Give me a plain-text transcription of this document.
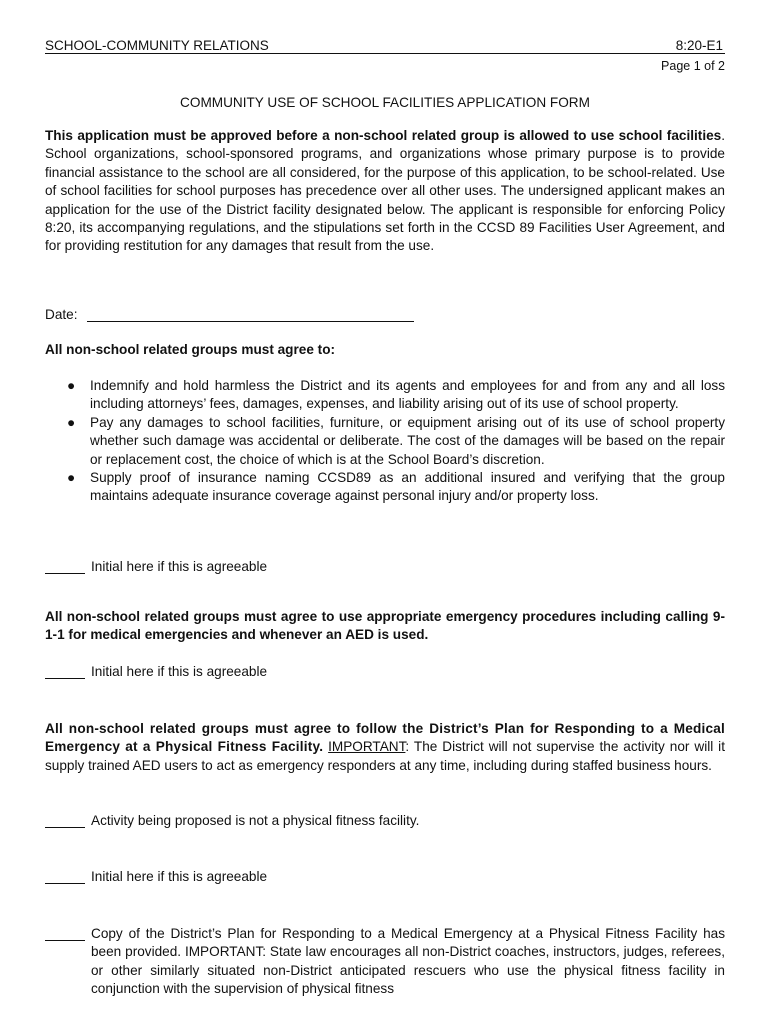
SCHOOL-COMMUNITY RELATIONS	8:20-E1
Page 1 of 2
COMMUNITY USE OF SCHOOL FACILITIES APPLICATION FORM

This application must be approved before a non-school related group is allowed to use school facilities. School organizations, school-sponsored programs, and organizations whose primary purpose is to provide financial assistance to the school are all considered, for the purpose of this application, to be school-related. Use of school facilities for school purposes has precedence over all other uses. The undersigned applicant makes an application for the use of the District facility designated below. The applicant is responsible for enforcing Policy 8:20, its accompanying regulations, and the stipulations set forth in the CCSD 89 Facilities User Agreement, and for providing restitution for any damages that result from the use.

Date:
All non-school related groups must agree to:
● Indemnify and hold harmless the District and its agents and employees for and from any and all loss including attorneys’ fees, damages, expenses, and liability arising out of its use of school property.
● Pay any damages to school facilities, furniture, or equipment arising out of its use of school property whether such damage was accidental or deliberate. The cost of the damages will be based on the repair or replacement cost, the choice of which is at the School Board’s discretion.
● Supply proof of insurance naming CCSD89 as an additional insured and verifying that the group maintains adequate insurance coverage against personal injury and/or property loss.
Initial here if this is agreeable

All non-school related groups must agree to use appropriate emergency procedures including calling 9-1-1 for medical emergencies and whenever an AED is used.

Initial here if this is agreeable

All non-school related groups must agree to follow the District’s Plan for Responding to a Medical Emergency at a Physical Fitness Facility. IMPORTANT: The District will not supervise the activity nor will it supply trained AED users to act as emergency responders at any time, including during staffed business hours.

Activity being proposed is not a physical fitness facility.
Initial here if this is agreeable
Copy of the District’s Plan for Responding to a Medical Emergency at a Physical Fitness Facility has been provided. IMPORTANT: State law encourages all non-District coaches, instructors, judges, referees, or other similarly situated non-District anticipated rescuers who use the physical fitness facility in conjunction with the supervision of physical fitness
